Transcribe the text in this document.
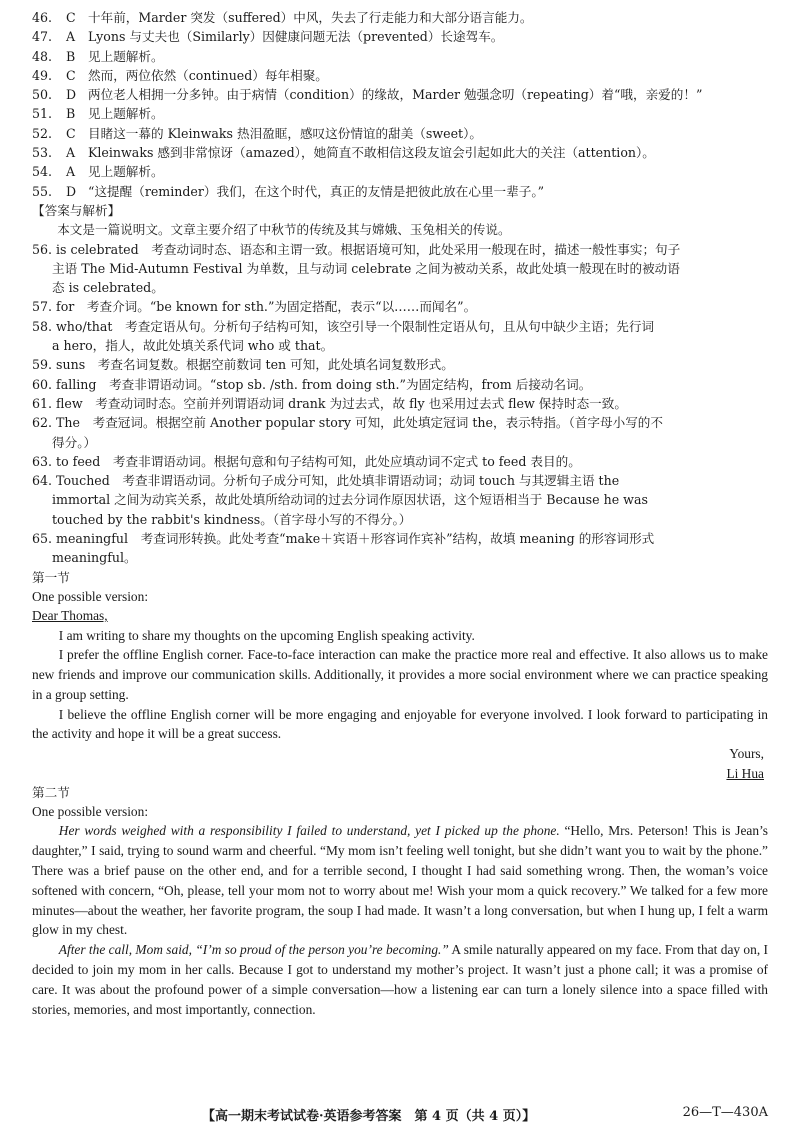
46.	C 十年前，Marder 突发（suffered）中风，失去了行走能力和大部分语言能力。
47.	A	Lyons 与丈夫也（Similarly）因健康问题无法（prevented）长途驾车。
48.	B	见上题解析。
49.	C 然而，两位依然（continued）每年相聚。
50.	D 两位老人相拥一分多钟。由于病情（condition）的缘故，Marder 勉强念叨（repeating）着“哦，亲爱的！”
51.	B	见上题解析。
52.	C 目睹这一幕的 Kleinwaks 热泪盈眶，感叹这份情谊的甜美（sweet）。
53.	A	Kleinwaks 感到非常惊讶（amazed），她简直不敢相信这段友谊会引起如此大的关注（attention）。
54.	A	见上题解析。
55.	D “这提醒（reminder）我们，在这个时代，真正的友情是把彼此放在心里一辈子。”
【答案与解析】
本文是一篇说明文。文章主要介绍了中秋节的传统及其与嫦娥、玉兔相关的传说。
56. is celebrated　 考查动词时态、语态和主谓一致。根据语境可知，此处采用一般现在时，描述一般性事实；句子
主语 The Mid-Autumn Festival 为单数，且与动词 celebrate 之间为被动关系，故此处填一般现在时的被动语
态 is celebrated。
57. for　 考查介词。“be known for sth.”为固定搭配，表示“以……而闻名”。
58. who/that　 考查定语从句。分析句子结构可知，该空引导一个限制性定语从句，且从句中缺少主语；先行词
a hero，指人，故此处填关系代词 who 或 that。
59. suns　 考查名词复数。根据空前数词 ten 可知，此处填名词复数形式。
60. falling　 考查非谓语动词。“stop sb. /sth. from doing sth.”为固定结构，from 后接动名词。
61. flew　 考查动词时态。空前并列谓语动词 drank 为过去式，故 fly 也采用过去式 flew 保持时态一致。
62. The　 考查冠词。根据空前 Another popular story 可知，此处填定冠词 the，表示特指。（首字母小写的不
得分。）
63. to feed　 考查非谓语动词。根据句意和句子结构可知，此处应填动词不定式 to feed 表目的。
64. Touched　 考查非谓语动词。分析句子成分可知，此处填非谓语动词；动词 touch 与其逻辑主语 the
immortal 之间为动宾关系，故此处填所给动词的过去分词作原因状语，这个短语相当于 Because he was
touched by the rabbit's kindness。（首字母小写的不得分。）
65. meaningful　 考查词形转换。此处考查“make＋宾语＋形容词作宾补”结构，故填 meaning 的形容词形式
meaningful。
第一节
One possible version:
Dear Thomas,
I am writing to share my thoughts on the upcoming English speaking activity.
I prefer the offline English corner. Face-to-face interaction can make the practice more real and effective. It also allows us to make new friends and improve our communication skills. Additionally, it provides a more social environment where we can practice speaking in a group setting.
I believe the offline English corner will be more engaging and enjoyable for everyone involved. I look forward to participating in the activity and hope it will be a great success.
Yours,
Li Hua
第二节
One possible version:
Her words weighed with a responsibility I failed to understand, yet I picked up the phone. “Hello, Mrs. Peterson! This is Jean’s daughter,” I said, trying to sound warm and cheerful. “My mom isn’t feeling well tonight, but she didn’t want you to wait by the phone.” There was a brief pause on the other end, and for a terrible second, I thought I had said something wrong. Then, the woman’s voice softened with concern, “Oh, please, tell your mom not to worry about me! Wish your mom a quick recovery.” We talked for a few more minutes—about the weather, her favorite program, the soup I had made. It wasn’t a long conversation, but when I hung up, I felt a warm glow in my chest.
After the call, Mom said, “I’m so proud of the person you’re becoming.” A smile naturally appeared on my face. From that day on, I decided to join my mom in her calls. Because I got to understand my mother’s project. It wasn’t just a phone call; it was a promise of care. It was about the profound power of a simple conversation—how a listening ear can turn a lonely silence into a space filled with stories, memories, and most importantly, connection.
【高一期末考试试卷·英语参考答案　第 4 页（共 4 页）】	26—T—430A
